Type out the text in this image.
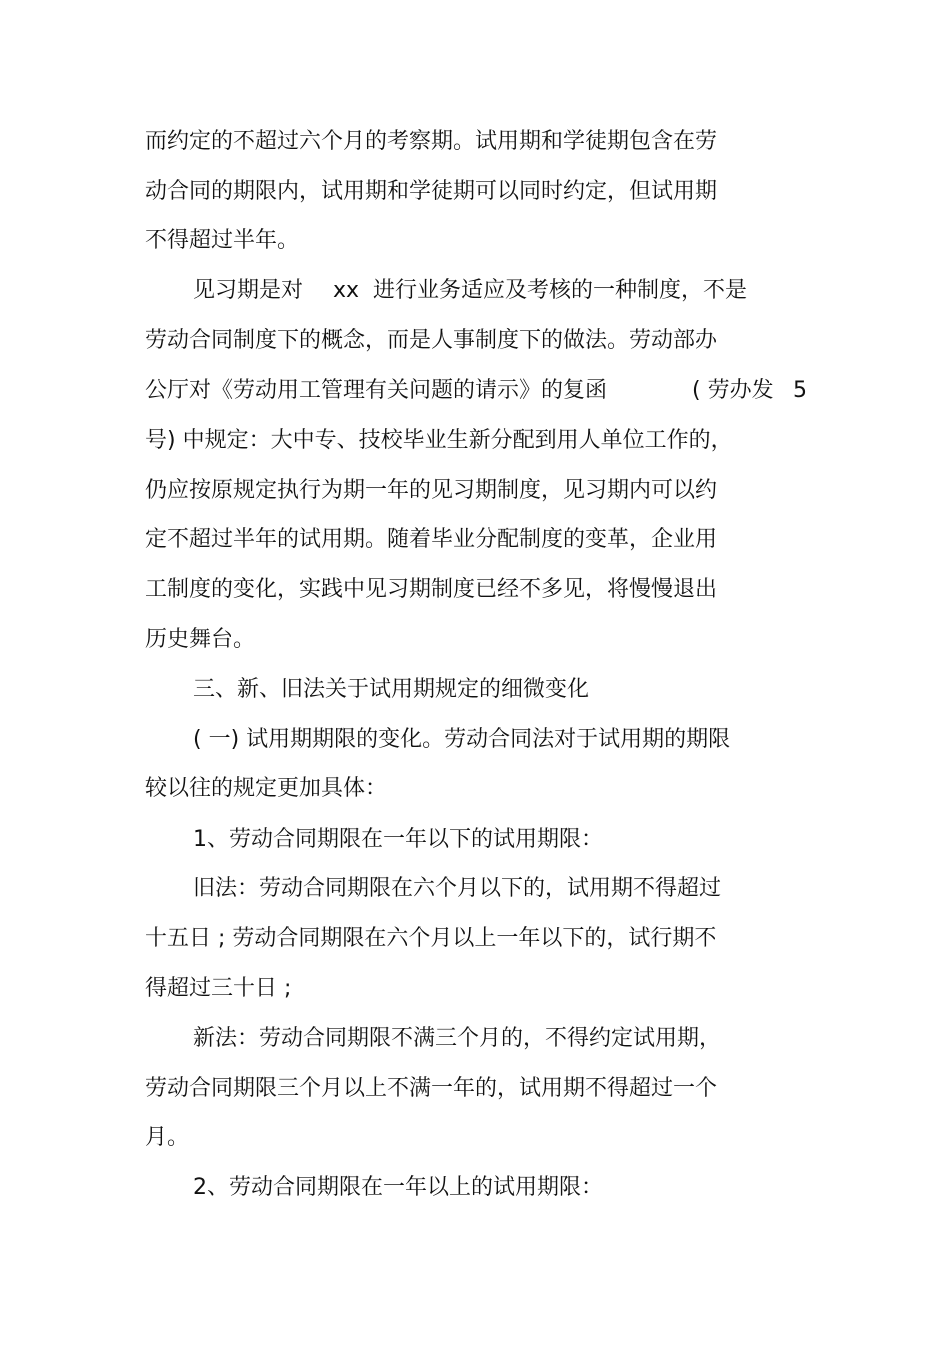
而约定的不超过六个月的考察期。试用期和学徒期包含在劳
动合同的期限内，试用期和学徒期可以同时约定，但试用期
不得超过半年。
见习期是对 xx 进行业务适应及考核的一种制度，不是
劳动合同制度下的概念，而是人事制度下的做法。劳动部办
公厅对《劳动用工管理有关问题的请示》的复函	( 劳办发 5
号) 中规定：大中专、技校毕业生新分配到用人单位工作的，
仍应按原规定执行为期一年的见习期制度，见习期内可以约
定不超过半年的试用期。随着毕业分配制度的变革，企业用
工制度的变化，实践中见习期制度已经不多见，将慢慢退出
历史舞台。
三、新、旧法关于试用期规定的细微变化
( 一) 试用期期限的变化。劳动合同法对于试用期的期限
较以往的规定更加具体：
1、劳动合同期限在一年以下的试用期限：
旧法：劳动合同期限在六个月以下的，试用期不得超过
十五日 ; 劳动合同期限在六个月以上一年以下的，试行期不
得超过三十日 ;
新法：劳动合同期限不满三个月的，不得约定试用期，
劳动合同期限三个月以上不满一年的，试用期不得超过一个
月。
2、劳动合同期限在一年以上的试用期限：
